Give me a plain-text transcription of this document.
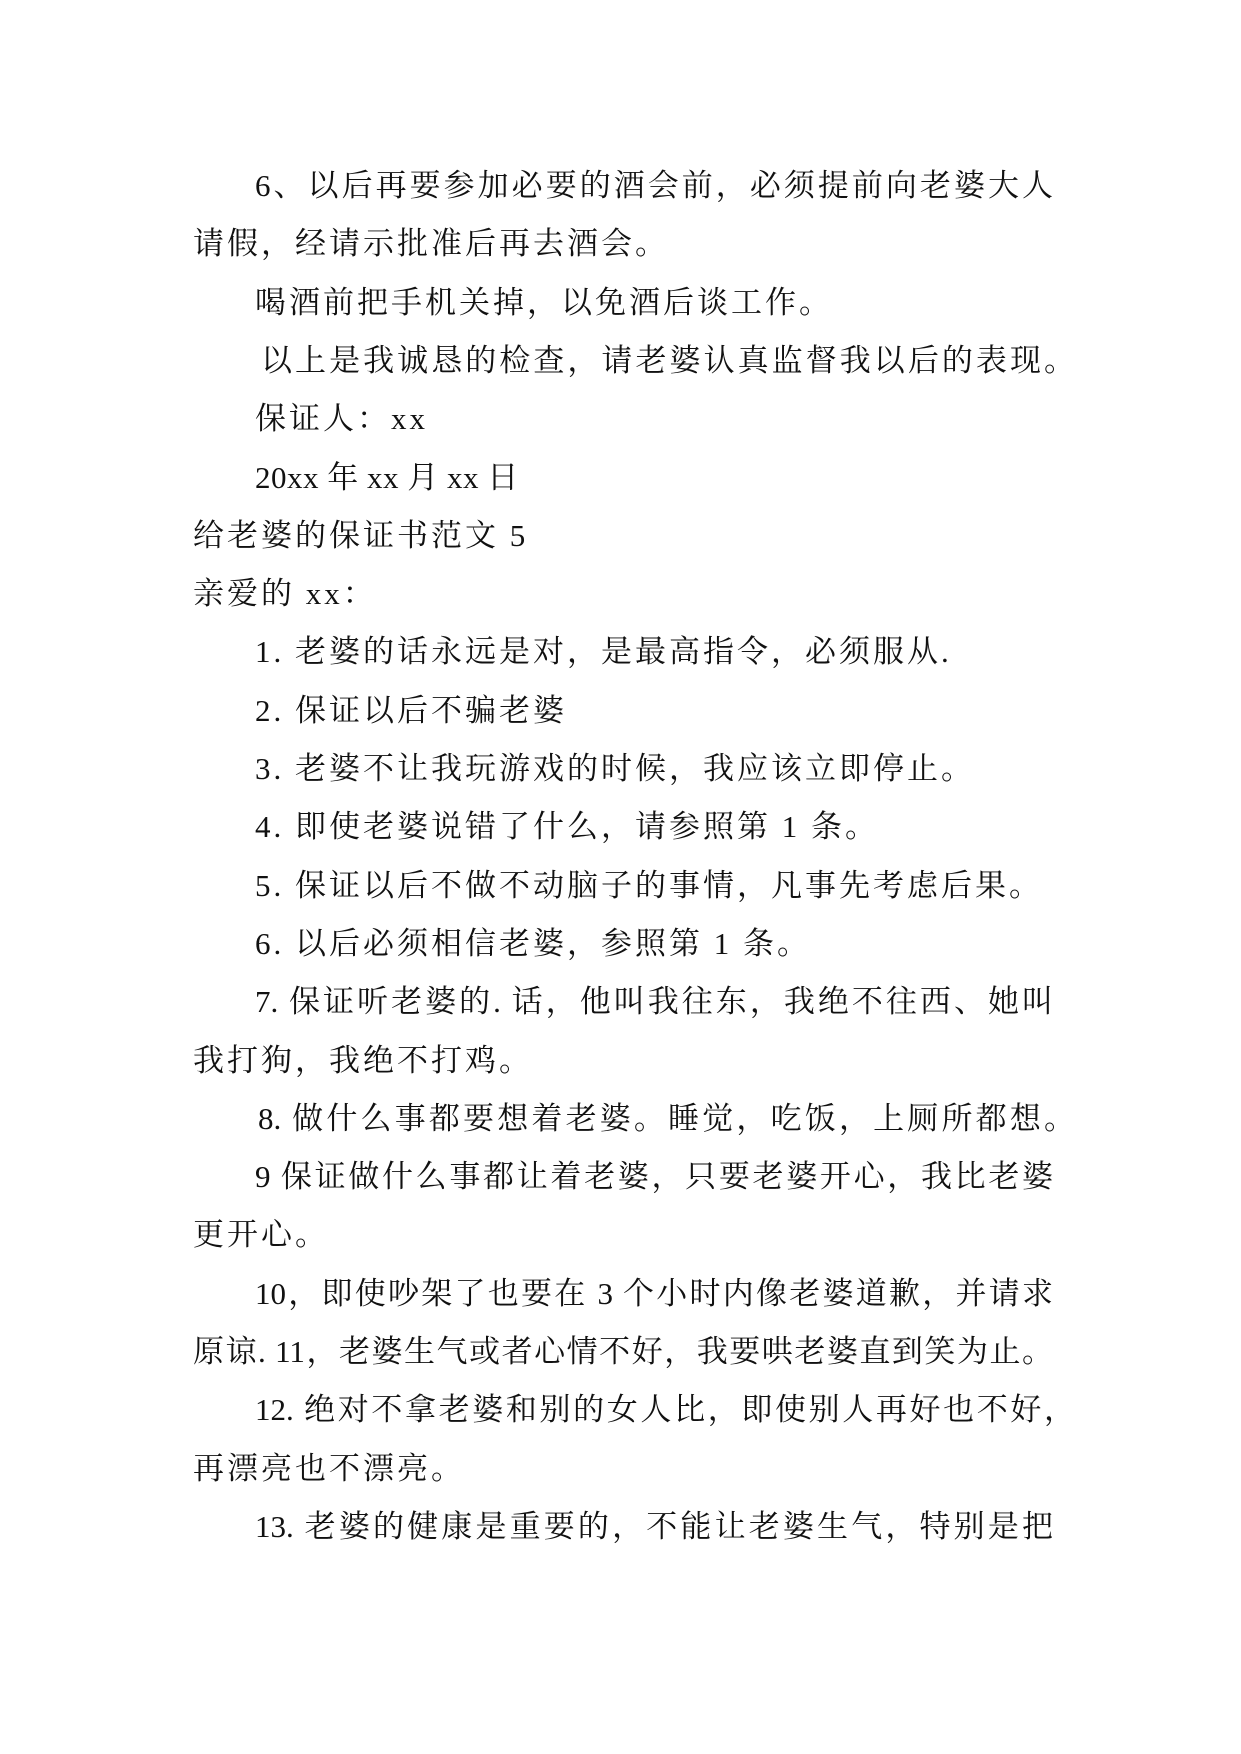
6、以后再要参加必要的酒会前，必须提前向老婆大人
请假，经请示批准后再去酒会。
喝酒前把手机关掉，以免酒后谈工作。
以上是我诚恳的检查，请老婆认真监督我以后的表现。
保证人：xx
20xx 年 xx 月 xx 日
给老婆的保证书范文 5
亲爱的 xx：
1. 老婆的话永远是对，是最高指令，必须服从.
2. 保证以后不骗老婆
3. 老婆不让我玩游戏的时候，我应该立即停止。
4. 即使老婆说错了什么，请参照第 1 条。
5. 保证以后不做不动脑子的事情，凡事先考虑后果。
6. 以后必须相信老婆，参照第 1 条。
7. 保证听老婆的. 话，他叫我往东，我绝不往西、她叫
我打狗，我绝不打鸡。
8. 做什么事都要想着老婆。睡觉，吃饭，上厕所都想。
9 保证做什么事都让着老婆，只要老婆开心，我比老婆
更开心。
10，即使吵架了也要在 3 个小时内像老婆道歉，并请求
原谅. 11，老婆生气或者心情不好，我要哄老婆直到笑为止。
12. 绝对不拿老婆和别的女人比，即使别人再好也不好，
再漂亮也不漂亮。
13. 老婆的健康是重要的，不能让老婆生气，特别是把
